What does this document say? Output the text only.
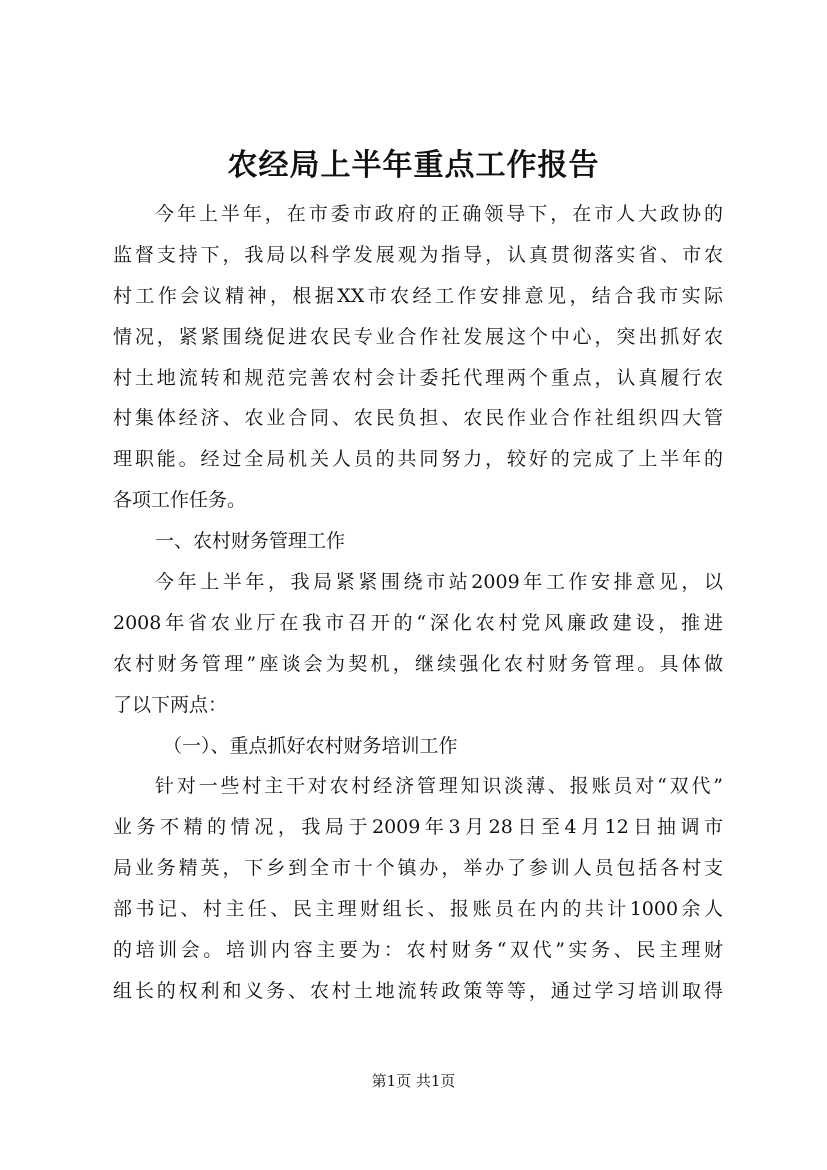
农经局上半年重点工作报告
今年上半年，在市委市政府的正确领导下，在市人大政协的
监督支持下，我局以科学发展观为指导，认真贯彻落实省、市农
村工作会议精神，根据XX市农经工作安排意见，结合我市实际
情况，紧紧围绕促进农民专业合作社发展这个中心，突出抓好农
村土地流转和规范完善农村会计委托代理两个重点，认真履行农
村集体经济、农业合同、农民负担、农民作业合作社组织四大管
理职能。经过全局机关人员的共同努力，较好的完成了上半年的
各项工作任务。
一、农村财务管理工作
今年上半年，我局紧紧围绕市站2009年工作安排意见，以
2008年省农业厅在我市召开的“深化农村党风廉政建设，推进
农村财务管理”座谈会为契机，继续强化农村财务管理。具体做
了以下两点：
（一）、重点抓好农村财务培训工作
针对一些村主干对农村经济管理知识淡薄、报账员对“双代”
业务不精的情况，我局于2009年3月28日至4月12日抽调市
局业务精英，下乡到全市十个镇办，举办了参训人员包括各村支
部书记、村主任、民主理财组长、报账员在内的共计1000余人
的培训会。培训内容主要为：农村财务“双代”实务、民主理财
组长的权利和义务、农村土地流转政策等等，通过学习培训取得
第1页 共1页
